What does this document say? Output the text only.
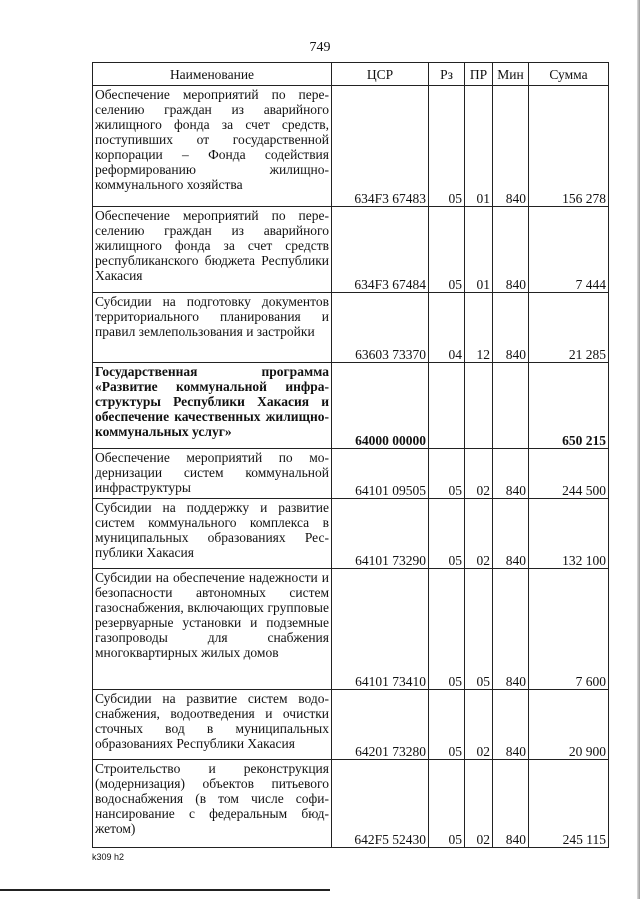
749
Наименование	ЦСР	Рз	ПР	Мин	Сумма
Обеспечение мероприятий по переселению граждан из аварийного жилищного фонда за счет средств, поступивших от государственной корпорации – Фонда содействия реформированию жилищно-коммунального хозяйства	634F3 67483	05	01	840	156 278
Обеспечение мероприятий по переселению граждан из аварийного жилищного фонда за счет средств республиканского бюджета Республики Хакасия	634F3 67484	05	01	840	7 444
Субсидии на подготовку документов территориального планирования и правил землепользования и застройки	63603 73370	04	12	840	21 285
Государственная программа «Развитие коммунальной инфраструктуры Республики Хакасия и обеспечение качественных жилищно-коммунальных услуг»	64000 00000				650 215
Обеспечение мероприятий по модернизации систем коммунальной инфраструктуры	64101 09505	05	02	840	244 500
Субсидии на поддержку и развитие систем коммунального комплекса в муниципальных образованиях Республики Хакасия	64101 73290	05	02	840	132 100
Субсидии на обеспечение надежности и безопасности автономных систем газоснабжения, включающих групповые резервуарные установки и подземные газопроводы для снабжения многоквартирных жилых домов	64101 73410	05	05	840	7 600
Субсидии на развитие систем водоснабжения, водоотведения и очистки сточных вод в муниципальных образованиях Республики Хакасия	64201 73280	05	02	840	20 900
Строительство и реконструкция (модернизация) объектов питьевого водоснабжения (в том числе софинансирование с федеральным бюджетом)	642F5 52430	05	02	840	245 115
k309 h2
